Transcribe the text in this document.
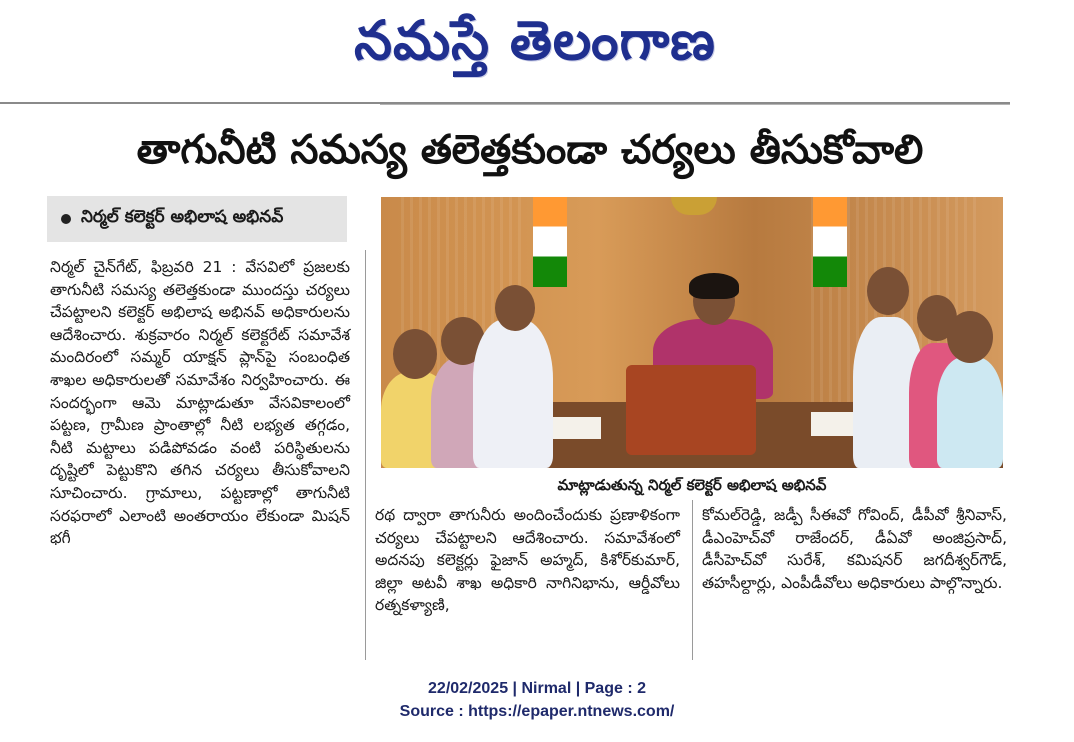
నమస్తే తెలంగాణ
తాగునీటి సమస్య తలెత్తకుండా చర్యలు తీసుకోవాలి
నిర్మల్ కలెక్టర్ అభిలాష అభినవ్
మాట్లాడుతున్న నిర్మల్ కలెక్టర్ అభిలాష అభినవ్

నిర్మల్ చైన్‌గేట్, ఫిబ్రవరి 21 : వేసవిలో ప్రజలకు తాగునీటి సమస్య తలెత్తకుండా ముందస్తు చర్యలు చేపట్టాలని కలెక్టర్ అభిలాష అభినవ్ అధికారులను ఆదేశించారు. శుక్రవారం నిర్మల్ కలెక్టరేట్ సమావేశ మందిరంలో సమ్మర్ యాక్షన్ ప్లాన్‌పై సంబంధిత శాఖల అధికారులతో సమావేశం నిర్వహించారు. ఈ సందర్భంగా ఆమె మాట్లాడుతూ వేసవికాలంలో పట్టణ, గ్రామీణ ప్రాంతాల్లో నీటి లభ్యత తగ్గడం, నీటి మట్టాలు పడిపోవడం వంటి పరిస్థితులను దృష్టిలో పెట్టుకొని తగిన చర్యలు తీసుకోవాలని సూచించారు. గ్రామాలు, పట్టణాల్లో తాగునీటి సరఫరాలో ఎలాంటి అంతరాయం లేకుండా మిషన్ భగీ

రథ ద్వారా తాగునీరు అందించేందుకు ప్రణాళికంగా చర్యలు చేపట్టాలని ఆదేశించారు. సమావేశంలో అదనపు కలెక్టర్లు ఫైజాన్ అహ్మద్, కిశోర్‌కుమార్, జిల్లా అటవీ శాఖ అధికారి నాగినిభాను, ఆర్డీవోలు రత్నకళ్యాణి,

కోమల్‌రెడ్డి, జడ్పీ సీఈవో గోవింద్, డీపీవో శ్రీనివాస్, డీఎంహెచ్‌వో రాజేందర్, డీఏవో అంజిప్రసాద్, డీసీహెచ్‌వో సురేశ్, కమిషనర్ జగదీశ్వర్‌గౌడ్, తహసీల్దార్లు, ఎంపీడీవోలు అధికారులు పాల్గొన్నారు.

22/02/2025 | Nirmal | Page : 2
Source : https://epaper.ntnews.com/
